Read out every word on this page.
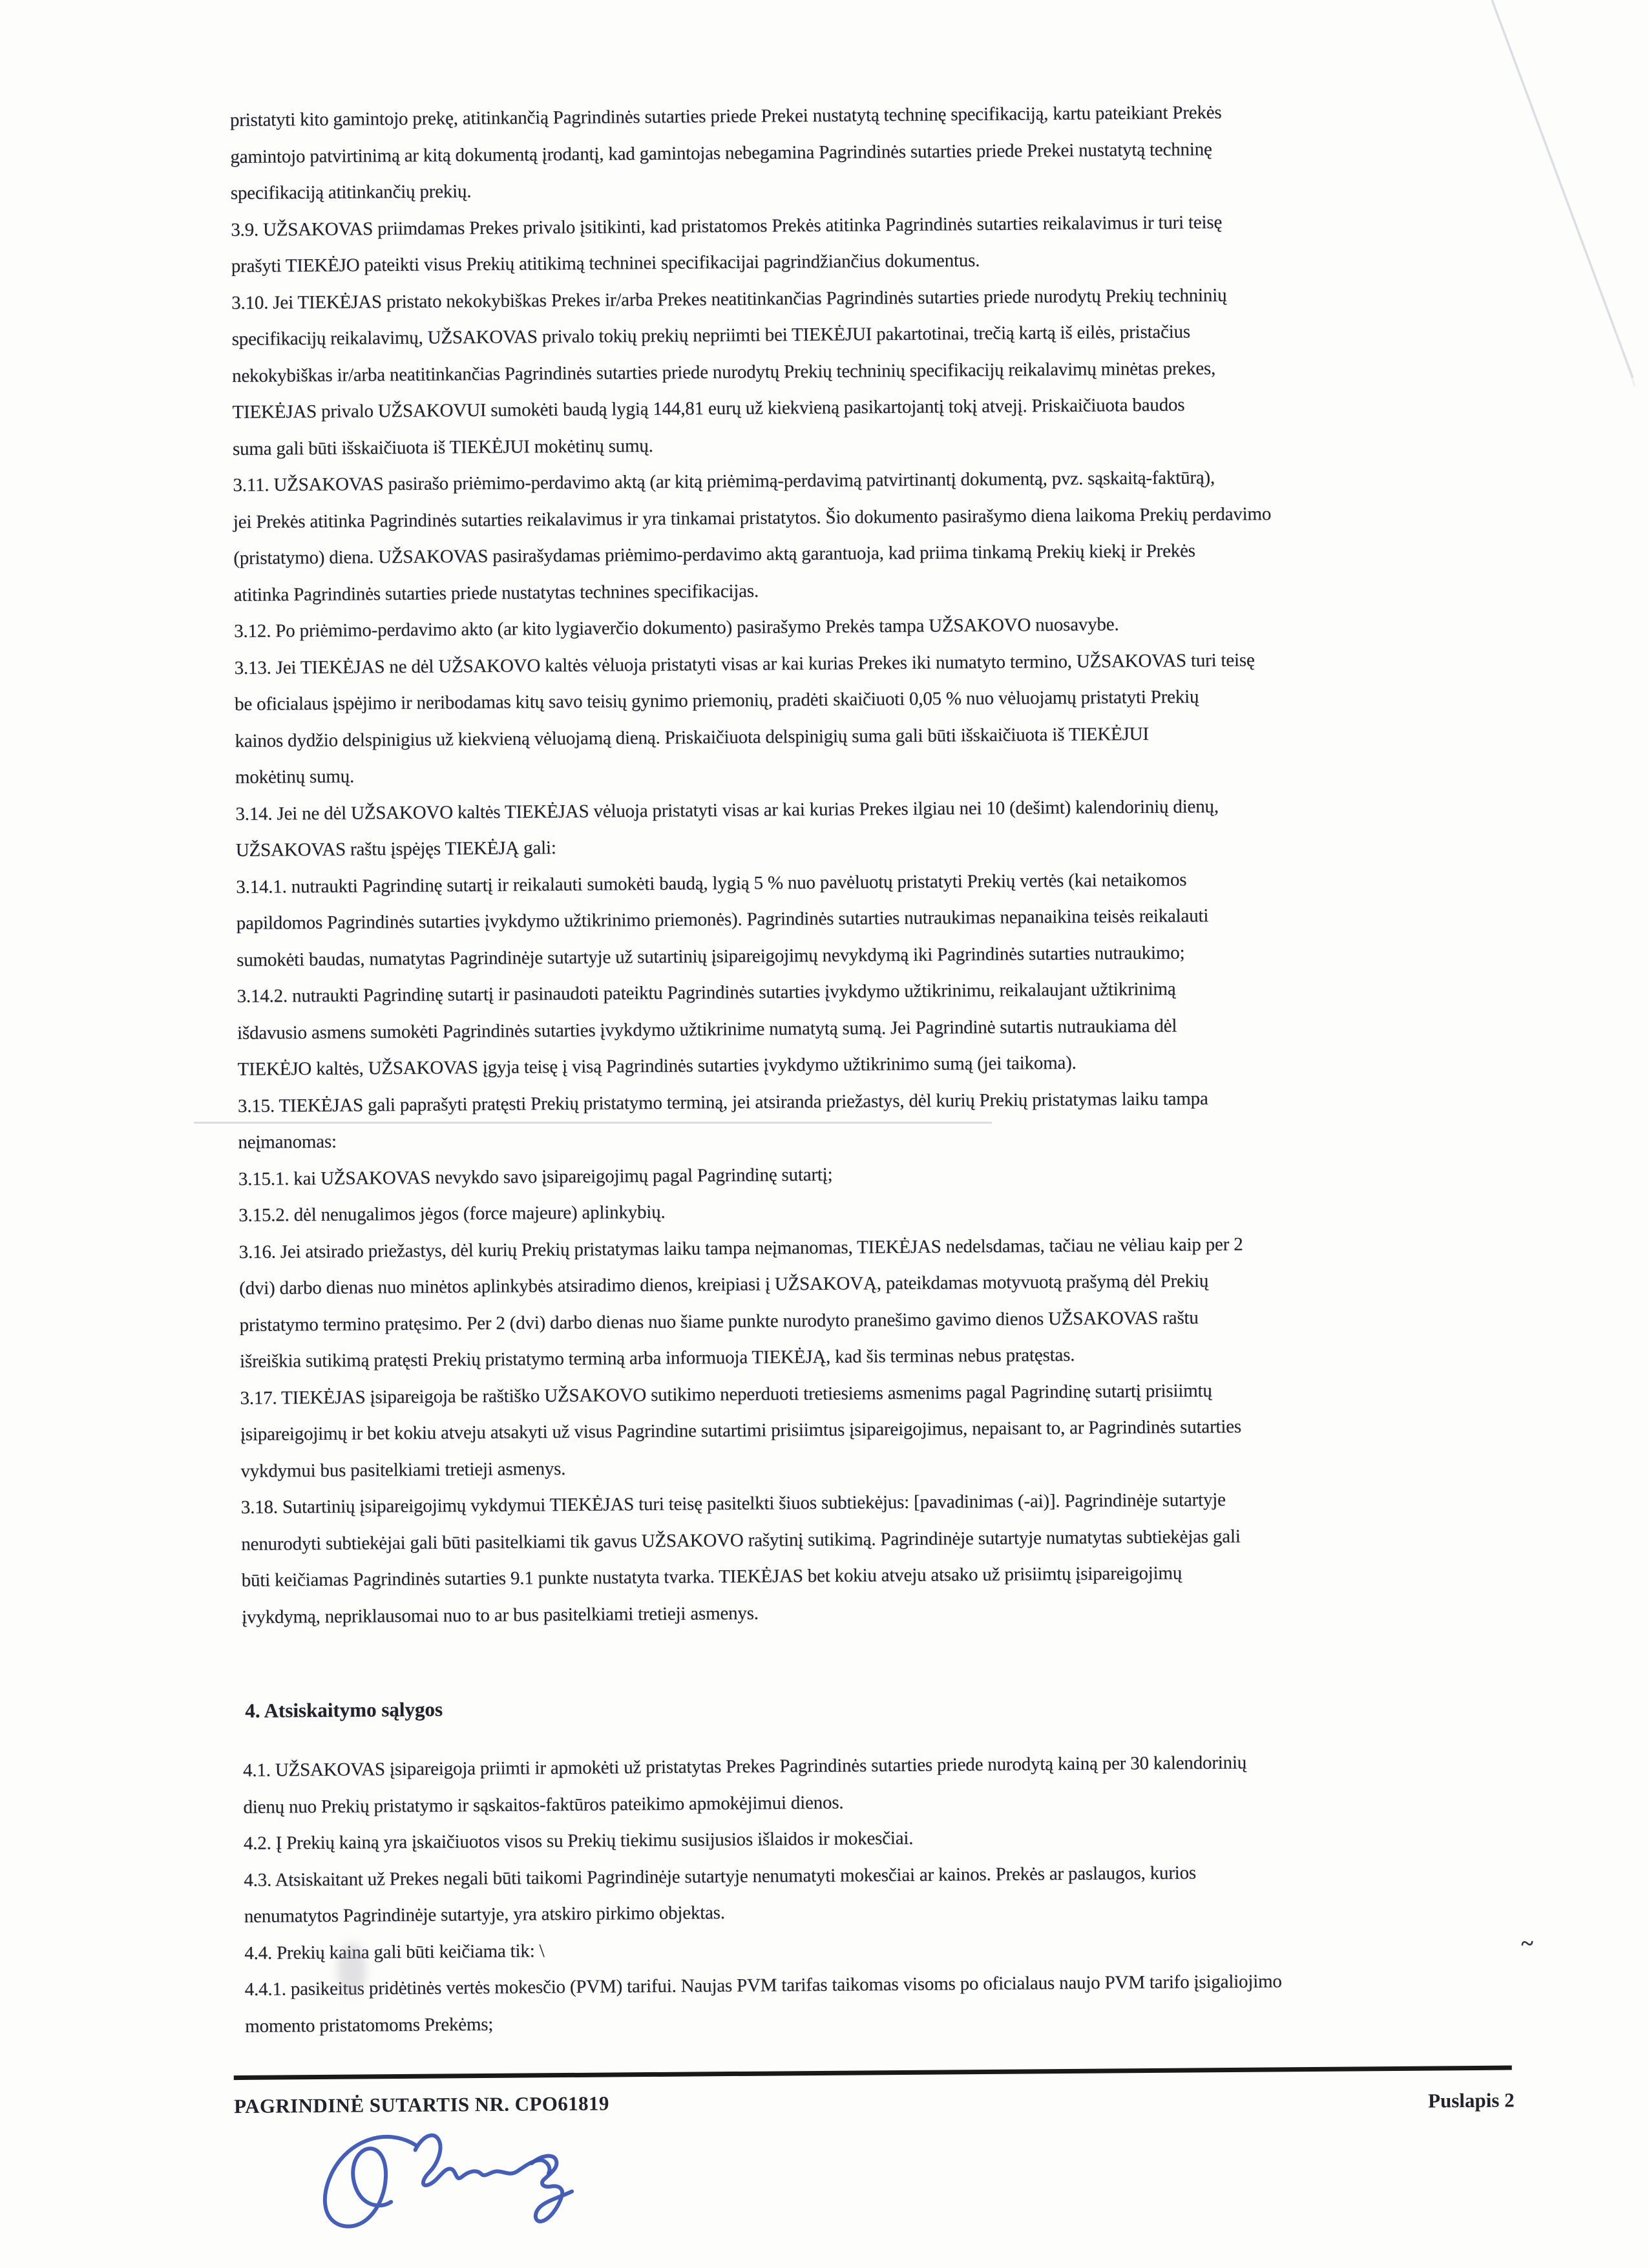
pristatyti kito gamintojo prekę, atitinkančią Pagrindinės sutarties priede Prekei nustatytą techninę specifikaciją, kartu pateikiant Prekės
gamintojo patvirtinimą ar kitą dokumentą įrodantį, kad gamintojas nebegamina Pagrindinės sutarties priede Prekei nustatytą techninę
specifikaciją atitinkančių prekių.
3.9. UŽSAKOVAS priimdamas Prekes privalo įsitikinti, kad pristatomos Prekės atitinka Pagrindinės sutarties reikalavimus ir turi teisę
prašyti TIEKĖJO pateikti visus Prekių atitikimą techninei specifikacijai pagrindžiančius dokumentus.
3.10. Jei TIEKĖJAS pristato nekokybiškas Prekes ir/arba Prekes neatitinkančias Pagrindinės sutarties priede nurodytų Prekių techninių
specifikacijų reikalavimų, UŽSAKOVAS privalo tokių prekių nepriimti bei TIEKĖJUI pakartotinai, trečią kartą iš eilės, pristačius
nekokybiškas ir/arba neatitinkančias Pagrindinės sutarties priede nurodytų Prekių techninių specifikacijų reikalavimų minėtas prekes,
TIEKĖJAS privalo UŽSAKOVUI sumokėti baudą lygią 144,81 eurų už kiekvieną pasikartojantį tokį atvejį. Priskaičiuota baudos
suma gali būti išskaičiuota iš TIEKĖJUI mokėtinų sumų.
3.11. UŽSAKOVAS pasirašo priėmimo-perdavimo aktą (ar kitą priėmimą-perdavimą patvirtinantį dokumentą, pvz. sąskaitą-faktūrą),
jei Prekės atitinka Pagrindinės sutarties reikalavimus ir yra tinkamai pristatytos. Šio dokumento pasirašymo diena laikoma Prekių perdavimo
(pristatymo) diena. UŽSAKOVAS pasirašydamas priėmimo-perdavimo aktą garantuoja, kad priima tinkamą Prekių kiekį ir Prekės
atitinka Pagrindinės sutarties priede nustatytas technines specifikacijas.
3.12. Po priėmimo-perdavimo akto (ar kito lygiaverčio dokumento) pasirašymo Prekės tampa UŽSAKOVO nuosavybe.
3.13. Jei TIEKĖJAS ne dėl UŽSAKOVO kaltės vėluoja pristatyti visas ar kai kurias Prekes iki numatyto termino, UŽSAKOVAS turi teisę
be oficialaus įspėjimo ir neribodamas kitų savo teisių gynimo priemonių, pradėti skaičiuoti 0,05 % nuo vėluojamų pristatyti Prekių
kainos dydžio delspinigius už kiekvieną vėluojamą dieną. Priskaičiuota delspinigių suma gali būti išskaičiuota iš TIEKĖJUI
mokėtinų sumų.
3.14. Jei ne dėl UŽSAKOVO kaltės TIEKĖJAS vėluoja pristatyti visas ar kai kurias Prekes ilgiau nei 10 (dešimt) kalendorinių dienų,
UŽSAKOVAS raštu įspėjęs TIEKĖJĄ gali:
3.14.1. nutraukti Pagrindinę sutartį ir reikalauti sumokėti baudą, lygią 5 % nuo pavėluotų pristatyti Prekių vertės (kai netaikomos
papildomos Pagrindinės sutarties įvykdymo užtikrinimo priemonės). Pagrindinės sutarties nutraukimas nepanaikina teisės reikalauti
sumokėti baudas, numatytas Pagrindinėje sutartyje už sutartinių įsipareigojimų nevykdymą iki Pagrindinės sutarties nutraukimo;
3.14.2. nutraukti Pagrindinę sutartį ir pasinaudoti pateiktu Pagrindinės sutarties įvykdymo užtikrinimu, reikalaujant užtikrinimą
išdavusio asmens sumokėti Pagrindinės sutarties įvykdymo užtikrinime numatytą sumą. Jei Pagrindinė sutartis nutraukiama dėl
TIEKĖJO kaltės, UŽSAKOVAS įgyja teisę į visą Pagrindinės sutarties įvykdymo užtikrinimo sumą (jei taikoma).
3.15. TIEKĖJAS gali paprašyti pratęsti Prekių pristatymo terminą, jei atsiranda priežastys, dėl kurių Prekių pristatymas laiku tampa
neįmanomas:
3.15.1. kai UŽSAKOVAS nevykdo savo įsipareigojimų pagal Pagrindinę sutartį;
3.15.2. dėl nenugalimos jėgos (force majeure) aplinkybių.
3.16. Jei atsirado priežastys, dėl kurių Prekių pristatymas laiku tampa neįmanomas, TIEKĖJAS nedelsdamas, tačiau ne vėliau kaip per 2
(dvi) darbo dienas nuo minėtos aplinkybės atsiradimo dienos, kreipiasi į UŽSAKOVĄ, pateikdamas motyvuotą prašymą dėl Prekių
pristatymo termino pratęsimo. Per 2 (dvi) darbo dienas nuo šiame punkte nurodyto pranešimo gavimo dienos UŽSAKOVAS raštu
išreiškia sutikimą pratęsti Prekių pristatymo terminą arba informuoja TIEKĖJĄ, kad šis terminas nebus pratęstas.
3.17. TIEKĖJAS įsipareigoja be raštiško UŽSAKOVO sutikimo neperduoti tretiesiems asmenims pagal Pagrindinę sutartį prisiimtų
įsipareigojimų ir bet kokiu atveju atsakyti už visus Pagrindine sutartimi prisiimtus įsipareigojimus, nepaisant to, ar Pagrindinės sutarties
vykdymui bus pasitelkiami tretieji asmenys.
3.18. Sutartinių įsipareigojimų vykdymui TIEKĖJAS turi teisę pasitelkti šiuos subtiekėjus: [pavadinimas (-ai)]. Pagrindinėje sutartyje
nenurodyti subtiekėjai gali būti pasitelkiami tik gavus UŽSAKOVO rašytinį sutikimą. Pagrindinėje sutartyje numatytas subtiekėjas gali
būti keičiamas Pagrindinės sutarties 9.1 punkte nustatyta tvarka. TIEKĖJAS bet kokiu atveju atsako už prisiimtų įsipareigojimų
įvykdymą, nepriklausomai nuo to ar bus pasitelkiami tretieji asmenys.
4. Atsiskaitymo sąlygos
4.1. UŽSAKOVAS įsipareigoja priimti ir apmokėti už pristatytas Prekes Pagrindinės sutarties priede nurodytą kainą per 30 kalendorinių
dienų nuo Prekių pristatymo ir sąskaitos-faktūros pateikimo apmokėjimui dienos.
4.2. Į Prekių kainą yra įskaičiuotos visos su Prekių tiekimu susijusios išlaidos ir mokesčiai.
4.3. Atsiskaitant už Prekes negali būti taikomi Pagrindinėje sutartyje nenumatyti mokesčiai ar kainos. Prekės ar paslaugos, kurios
nenumatytos Pagrindinėje sutartyje, yra atskiro pirkimo objektas.
4.4. Prekių kaina gali būti keičiama tik: \
4.4.1. pasikeitus pridėtinės vertės mokesčio (PVM) tarifui. Naujas PVM tarifas taikomas visoms po oficialaus naujo PVM tarifo įsigaliojimo
momento pristatomoms Prekėms;
~
PAGRINDINĖ SUTARTIS NR. CPO61819	Puslapis 2
